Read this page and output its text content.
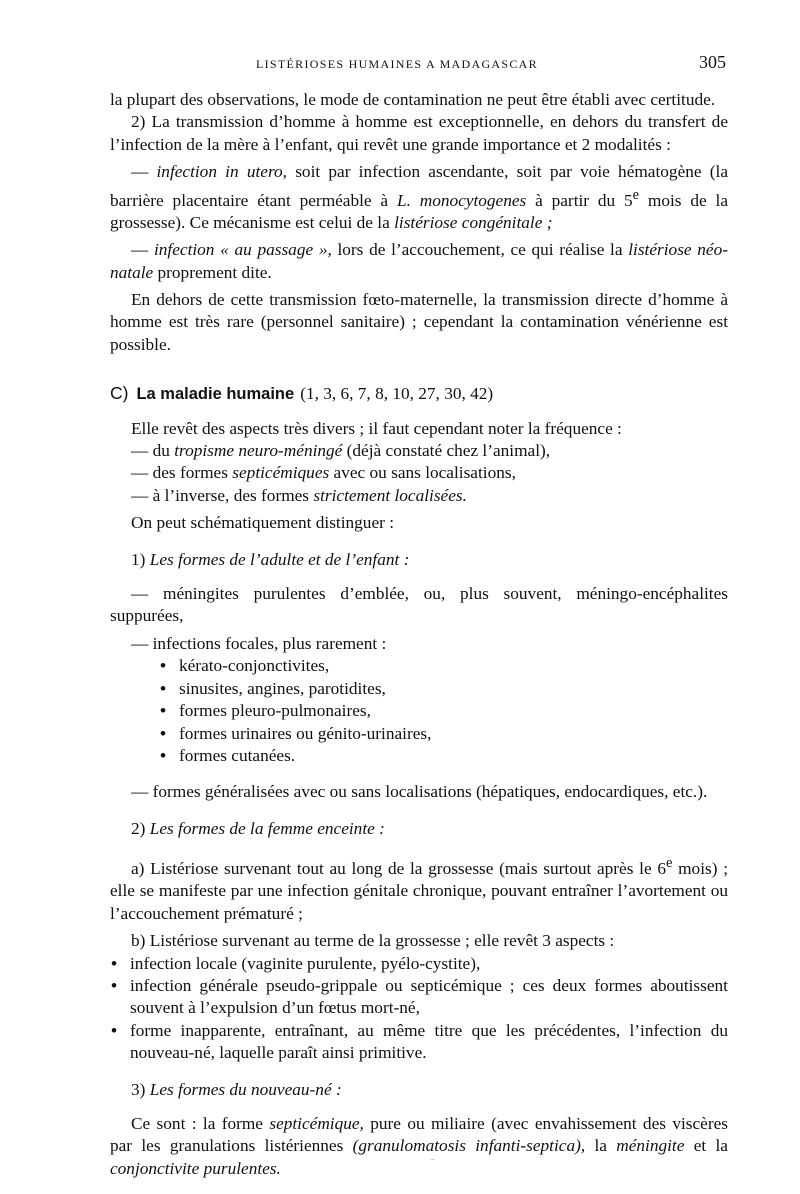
LISTÉRIOSES HUMAINES A MADAGASCAR	305

la plupart des observations, le mode de contamination ne peut être établi avec certitude.

2) La transmission d’homme à homme est exceptionnelle, en dehors du transfert de l’infection de la mère à l’enfant, qui revêt une grande importance et 2 modalités :

— infection in utero, soit par infection ascendante, soit par voie hématogène (la barrière placentaire étant perméable à L. monocytogenes à partir du 5e mois de la grossesse). Ce mécanisme est celui de la listériose congénitale ;

— infection « au passage », lors de l’accouchement, ce qui réalise la listériose néo-natale proprement dite.

En dehors de cette transmission fœto-maternelle, la transmission directe d’homme à homme est très rare (personnel sanitaire) ; cependant la contamination vénérienne est possible.

C) La maladie humaine (1, 3, 6, 7, 8, 10, 27, 30, 42)

Elle revêt des aspects très divers ; il faut cependant noter la fréquence :

— du tropisme neuro-méningé (déjà constaté chez l’animal),

— des formes septicémiques avec ou sans localisations,

— à l’inverse, des formes strictement localisées.

On peut schématiquement distinguer :

1) Les formes de l’adulte et de l’enfant :

— méningites purulentes d’emblée, ou, plus souvent, méningo-encéphalites suppurées,

— infections focales, plus rarement :

• kérato-conjonctivites,
• sinusites, angines, parotidites,
• formes pleuro-pulmonaires,
• formes urinaires ou génito-urinaires,
• formes cutanées.

— formes généralisées avec ou sans localisations (hépatiques, endocardiques, etc.).

2) Les formes de la femme enceinte :

a) Listériose survenant tout au long de la grossesse (mais surtout après le 6e mois) ; elle se manifeste par une infection génitale chronique, pouvant entraîner l’avortement ou l’accouchement prématuré ;

b) Listériose survenant au terme de la grossesse ; elle revêt 3 aspects :

• infection locale (vaginite purulente, pyélo-cystite),
• infection générale pseudo-grippale ou septicémique ; ces deux formes aboutissent souvent à l’expulsion d’un fœtus mort-né,
• forme inapparente, entraînant, au même titre que les précédentes, l’infection du nouveau-né, laquelle paraît ainsi primitive.

3) Les formes du nouveau-né :

Ce sont : la forme septicémique, pure ou miliaire (avec envahissement des viscères par les granulations listériennes (granulomatosis infanti-septica), la méningite et la conjonctivite purulentes.	⁻
